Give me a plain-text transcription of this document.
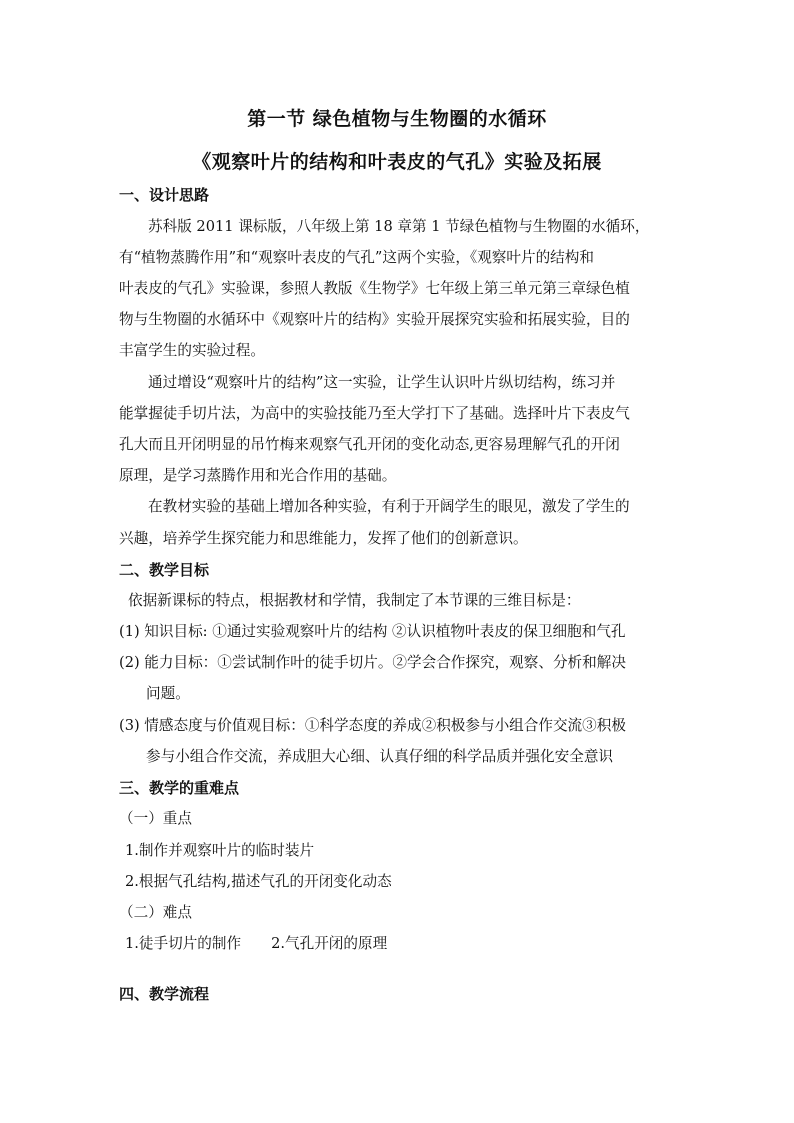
第一节 绿色植物与生物圈的水循环
《观察叶片的结构和叶表皮的气孔》实验及拓展
一、设计思路
苏科版 2011 课标版，八年级上第 18 章第 1 节绿色植物与生物圈的水循环，
有“植物蒸腾作用”和“观察叶表皮的气孔”这两个实验，《观察叶片的结构和
叶表皮的气孔》实验课，参照人教版《生物学》七年级上第三单元第三章绿色植
物与生物圈的水循环中《观察叶片的结构》实验开展探究实验和拓展实验，目的
丰富学生的实验过程。
通过增设“观察叶片的结构”这一实验，让学生认识叶片纵切结构，练习并
能掌握徒手切片法，为高中的实验技能乃至大学打下了基础。选择叶片下表皮气
孔大而且开闭明显的吊竹梅来观察气孔开闭的变化动态,更容易理解气孔的开闭
原理，是学习蒸腾作用和光合作用的基础。
在教材实验的基础上增加各种实验，有利于开阔学生的眼见，激发了学生的
兴趣，培养学生探究能力和思维能力，发挥了他们的创新意识。
二、教学目标
依据新课标的特点，根据教材和学情，我制定了本节课的三维目标是：
(1) 知识目标: ①通过实验观察叶片的结构 ②认识植物叶表皮的保卫细胞和气孔
(2) 能力目标：①尝试制作叶的徒手切片。②学会合作探究，观察、分析和解决
问题。
(3) 情感态度与价值观目标：①科学态度的养成②积极参与小组合作交流③积极
参与小组合作交流，养成胆大心细、认真仔细的科学品质并强化安全意识
三、教学的重难点
（一）重点
1.制作并观察叶片的临时装片
2.根据气孔结构,描述气孔的开闭变化动态
（二）难点
1.徒手切片的制作 2.气孔开闭的原理
四、教学流程
